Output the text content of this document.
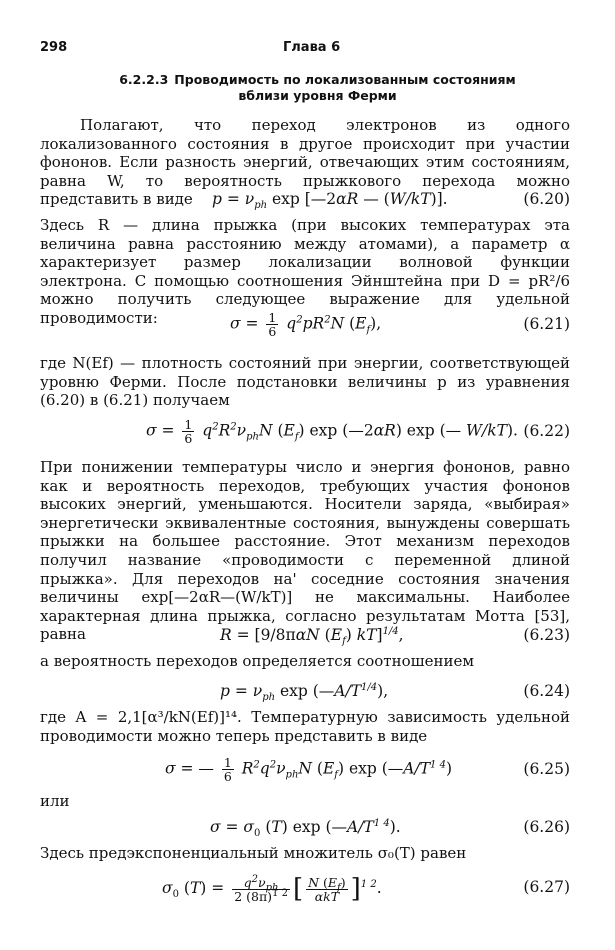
298	Глава 6
6.2.2.3 Проводимость по локализованным состояниям
вблизи уровня Ферми
Полагают, что переход электронов из одного локализованного состояния в другое происходит при участии фононов. Если разность энергий, отвечающих этим состояниям, равна W, то вероятность прыжкового перехода можно представить в виде	$p = \nu_{ph}$ exp [—2αR — (W/kT)].	(6.20)
Здесь R — длина прыжка (при высоких температурах эта величина равна расстоянию между атомами), а параметр α характеризует размер локализации волновой функции электрона. С помощью соотношения Эйнштейна при D = pR²/6 можно получить следующее выражение для удельной проводимости:	$\sigma = \frac{1}{6} q^2pR^2N$ $(E_f)$,	(6.21)
где N(Ef) — плотность состояний при энергии, соответствующей уровню Ферми. После подстановки величины p из уравнения (6.20) в (6.21) получаем
$\sigma = \frac{1}{6} q^2R^2\nu_{ph}N$ $(E_f)$ exp (—2αR) exp (— W/kT). (6.22)
При понижении температуры число и энергия фононов, равно как и вероятность переходов, требующих участия фононов высоких энергий, уменьшаются. Носители заряда, «выбирая» энергетически эквивалентные состояния, вынуждены совершать прыжки на большее расстояние. Этот механизм переходов получил название «проводимости с переменной длиной прыжка». Для переходов на' соседние состояния значения величины exp[—2αR—(W/kT)] не максимальны. Наиболее характерная длина прыжка, согласно результатам Мотта [53], равна	R = [9/8παN $(E_f)$ kT]$^{1/4}$,	(6.23)
а вероятность переходов определяется соотношением
$p = \nu_{ph}$ $\exp (—A/T^{1/4})$,	(6.24)
где A = 2,1[α³/kN(Ef)]¹⁴. Температурную зависимость удельной проводимости можно теперь представить в виде
σ = — $\frac{1}{6} R^2q^2\nu_{ph}N$ $(E_f)$ $\exp (—A/T^{1 4})$	(6.25)
или
$\sigma = \sigma_0$ (T) $\exp (—A/T^{1 4})$.	(6.26)
Здесь предэкспоненциальный множитель σ₀(T) равен
$\sigma_0$ (T) =	$q^2\nu_{ph}$
2 $(8\pi)^{1 2}$ [ N $(E_f)$
αkT ]$^{1 2}$.	(6.27)
